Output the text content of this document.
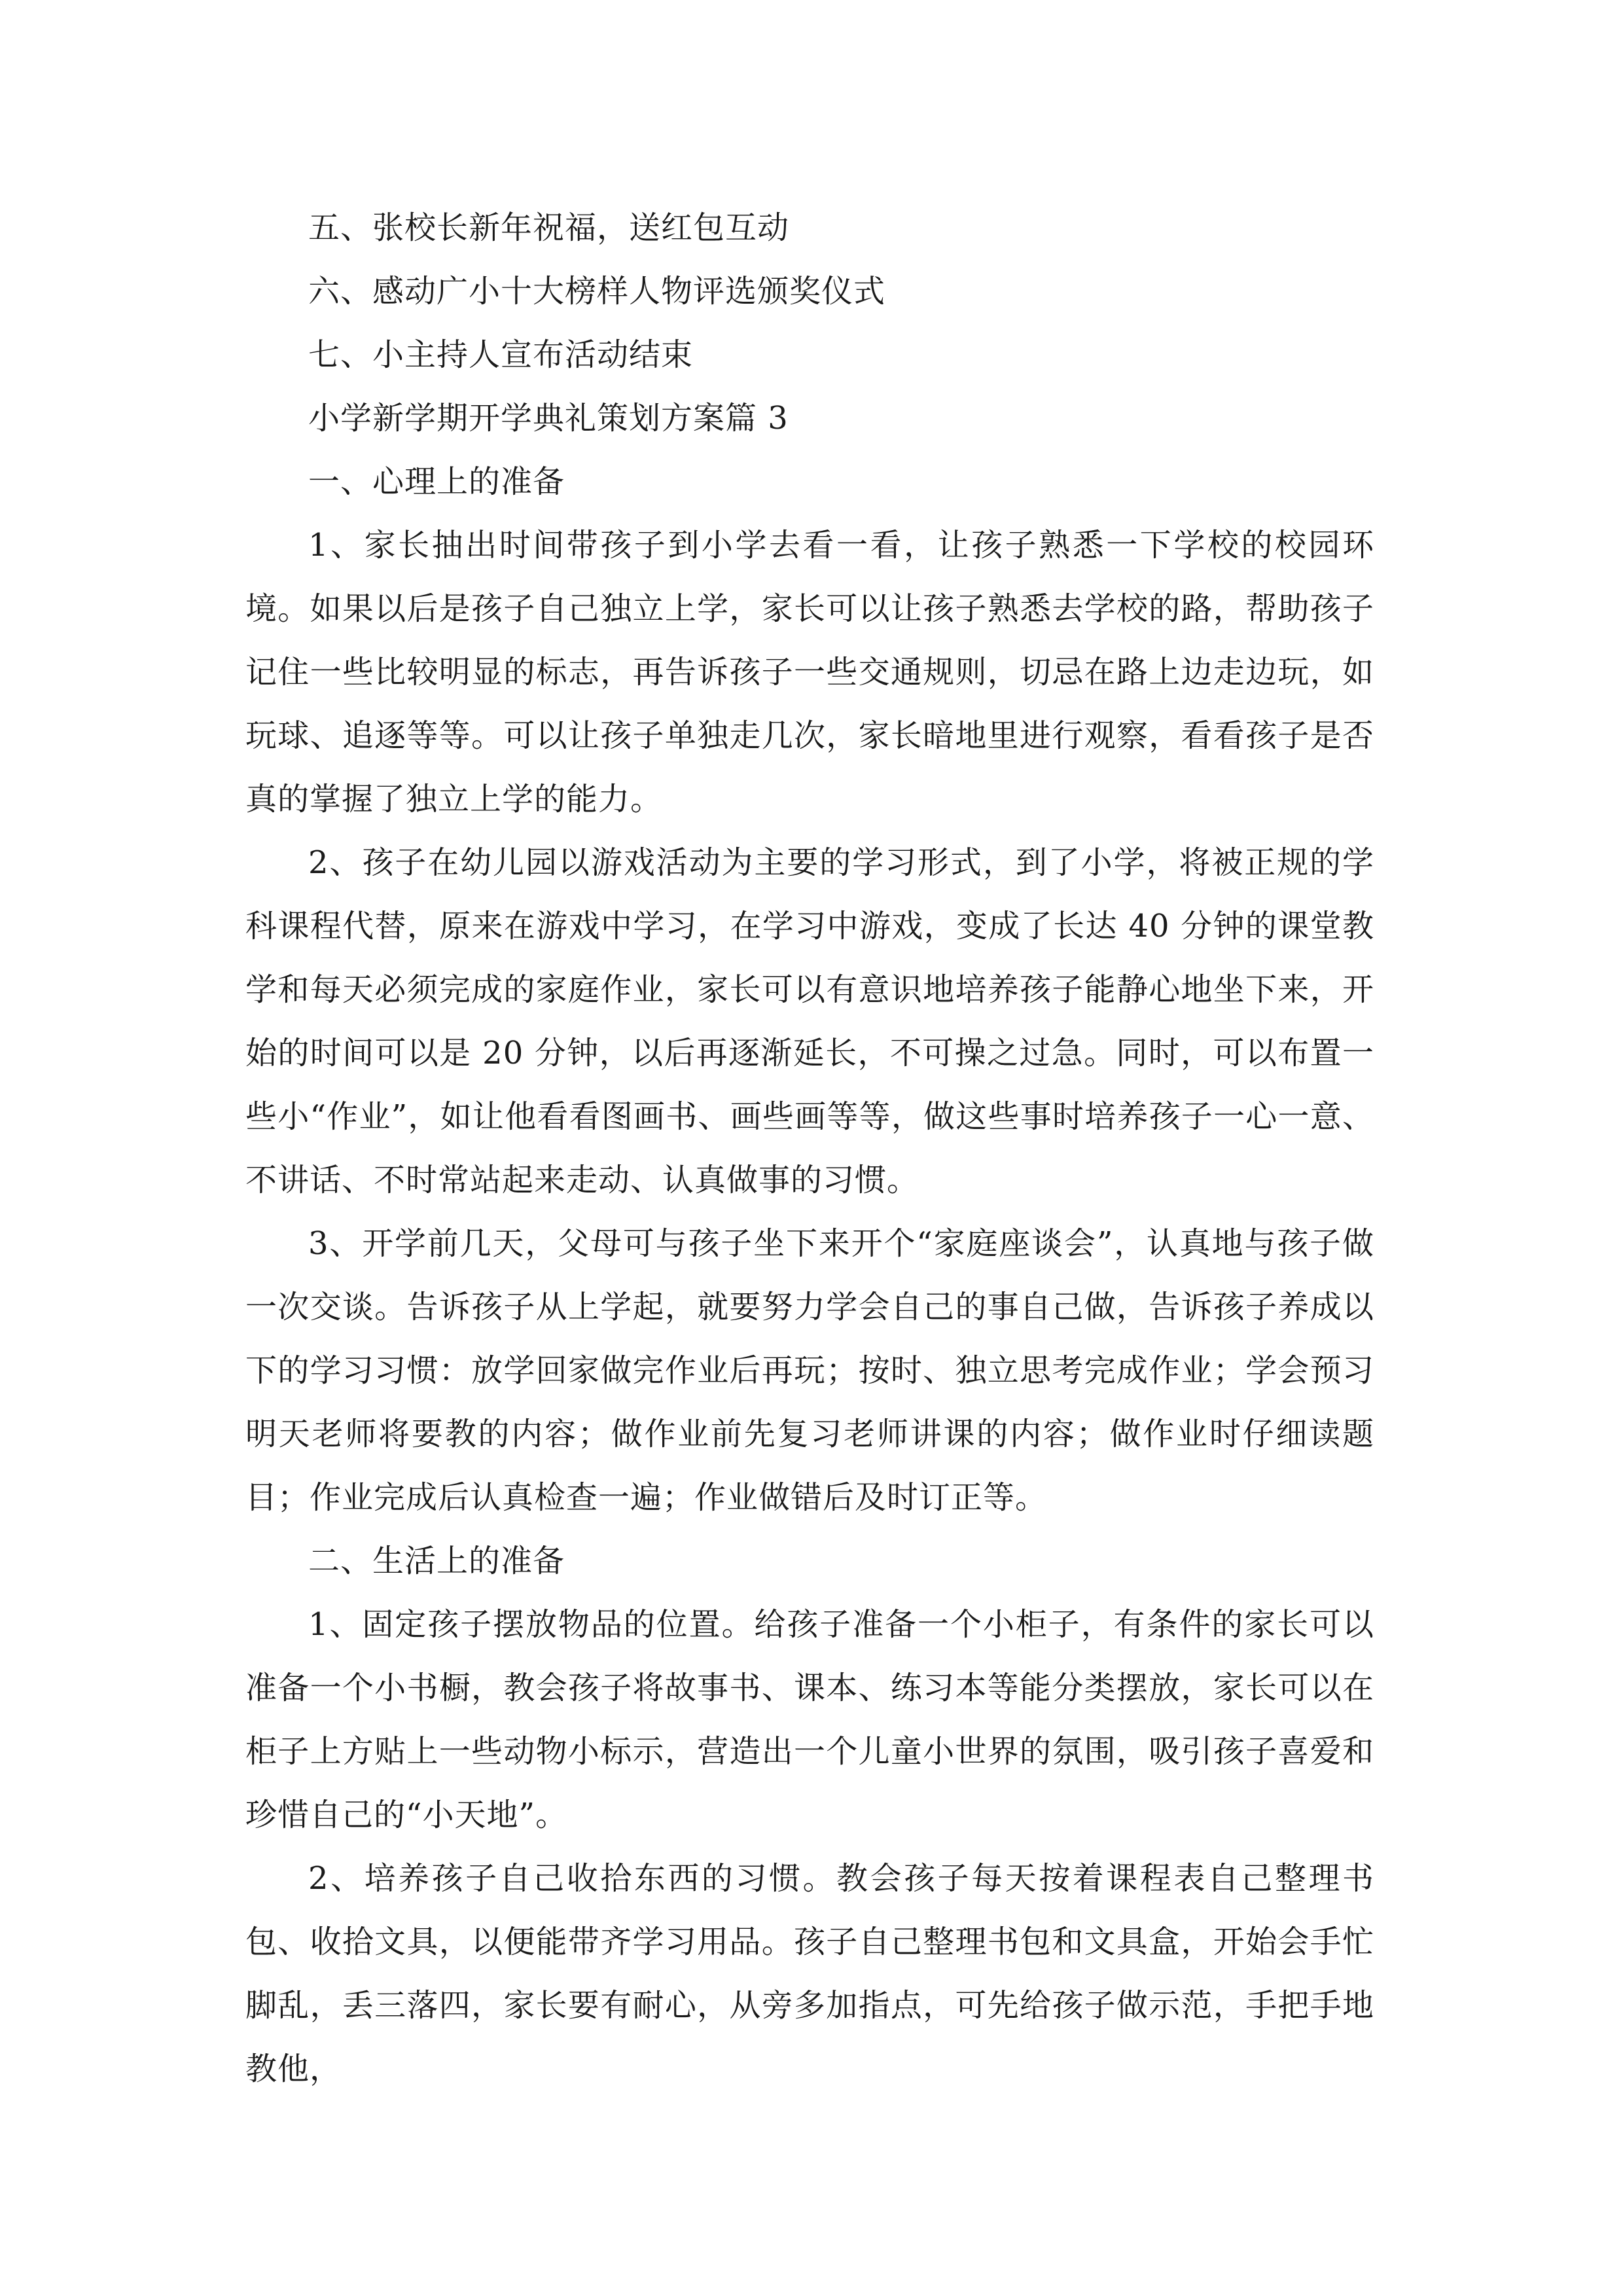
五、张校长新年祝福，送红包互动

六、感动广小十大榜样人物评选颁奖仪式

七、小主持人宣布活动结束

小学新学期开学典礼策划方案篇 3

一、心理上的准备

1、家长抽出时间带孩子到小学去看一看，让孩子熟悉一下学校的校园环境。如果以后是孩子自己独立上学，家长可以让孩子熟悉去学校的路，帮助孩子记住一些比较明显的标志，再告诉孩子一些交通规则，切忌在路上边走边玩，如玩球、追逐等等。可以让孩子单独走几次，家长暗地里进行观察，看看孩子是否真的掌握了独立上学的能力。

2、孩子在幼儿园以游戏活动为主要的学习形式，到了小学，将被正规的学科课程代替，原来在游戏中学习，在学习中游戏，变成了长达 40 分钟的课堂教学和每天必须完成的家庭作业，家长可以有意识地培养孩子能静心地坐下来，开始的时间可以是 20 分钟，以后再逐渐延长，不可操之过急。同时，可以布置一些小“作业”，如让他看看图画书、画些画等等，做这些事时培养孩子一心一意、不讲话、不时常站起来走动、认真做事的习惯。

3、开学前几天，父母可与孩子坐下来开个“家庭座谈会”，认真地与孩子做一次交谈。告诉孩子从上学起，就要努力学会自己的事自己做，告诉孩子养成以下的学习习惯：放学回家做完作业后再玩；按时、独立思考完成作业；学会预习明天老师将要教的内容；做作业前先复习老师讲课的内容；做作业时仔细读题目；作业完成后认真检查一遍；作业做错后及时订正等。

二、生活上的准备

1、固定孩子摆放物品的位置。给孩子准备一个小柜子，有条件的家长可以准备一个小书橱，教会孩子将故事书、课本、练习本等能分类摆放，家长可以在柜子上方贴上一些动物小标示，营造出一个儿童小世界的氛围，吸引孩子喜爱和珍惜自己的“小天地”。

2、培养孩子自己收拾东西的习惯。教会孩子每天按着课程表自己整理书包、收拾文具，以便能带齐学习用品。孩子自己整理书包和文具盒，开始会手忙脚乱，丢三落四，家长要有耐心，从旁多加指点，可先给孩子做示范，手把手地教他，
